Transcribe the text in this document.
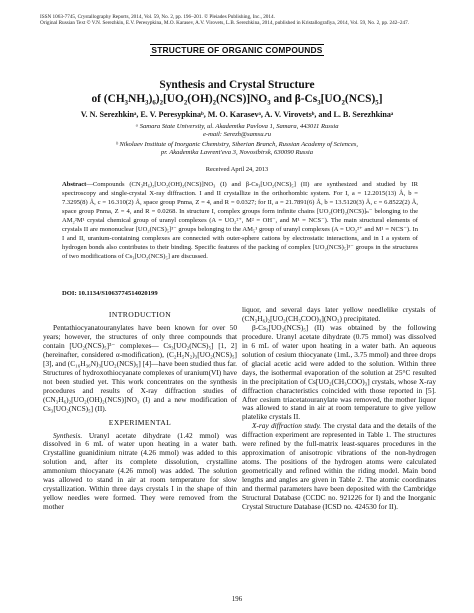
ISSN 1063-7745, Crystallography Reports, 2014, Vol. 59, No. 2, pp. 196–201. © Pleiades Publishing, Inc., 2014.
Original Russian Text © V.N. Serezhkin, E.V. Peresypkina, M.O. Karasev, A.V. Virovets, L.B. Serezhkina, 2014, published in Kristallografiya, 2014, Vol. 59, No. 2, pp. 242–247.
STRUCTURE OF ORGANIC COMPOUNDS
Synthesis and Crystal Structure
of (CH₃NH₃)₆)₂[UO₂(OH)₂(NCS)]NO₃ and β-Cs₃[UO₂(NCS)₅]
V. N. Serezhkinᵃ, E. V. Peresypkinaᵇ, M. O. Karasevᵃ, A. V. Virovetsᵇ, and L. B. Serezhkinaᵃ
ᵃ Samara State University, ul. Akademika Pavlova 1, Samara, 443011 Russia
e-mail: Serezh@samsu.ru
ᵇ Nikolaev Institute of Inorganic Chemistry, Siberian Branch, Russian Academy of Sciences,
pr. Akademika Lavrent'eva 3, Novosibirsk, 630090 Russia
Received April 24, 2013
Abstract—Compounds (CN₃H₆)₂[UO₂(OH)₂(NCS)]NO₃ (I) and β-Cs₃[UO₂(NCS)₅] (II) are synthesized and studied by IR spectroscopy and single-crystal X-ray diffraction. I and II crystallize in the orthorhombic system. For I, a = 12.2015(13) Å, b = 7.3295(8) Å, c = 16.310(2) Å, space group Pnma, Z = 4, and R = 0.0327; for II, a = 21.7891(6) Å, b = 13.5120(3) Å, c = 6.8522(2) Å, space group Pnma, Z = 4, and R = 0.0268. In structure I, complex groups form infinite chains [UO₂(OH)₂(NCS)]ₙ⁻ belonging to the AM₂²M¹ crystal chemical group of uranyl complexes (A = UO₂²⁺, M² = OH⁻, and M¹ = NCS⁻). The main structural elements of crystals II are mononuclear [UO₂(NCS)₅]³⁻ groups belonging to the AM₅¹ group of uranyl complexes (A = UO₂²⁺ and M¹ = NCS⁻). In I and II, uranium-containing complexes are connected with outer-sphere cations by electrostatic interactions, and in I a system of hydrogen bonds also contributes to their binding. Specific features of the packing of complex [UO₂(NCS)₅]³⁻ groups in the structures of two modifications of Cs₃[UO₂(NCS)₅] are discussed.
DOI: 10.1134/S1063774514020199
INTRODUCTION

Pentathiocyanatouranylates have been known for over 50 years; however, the structures of only three compounds that contain [UO₂(NCS)₅]³⁻ complexes— Cs₃[UO₂(NCS)₅] [1, 2] (hereinafter, considered α-modification), (C₂H₅N₂)₃[UO₂(NCS)₅] [3], and (C₁₆H₃₆N)₃[UO₂(NCS)₅] [4]—have been studied thus far. Structures of hydroxothiocyanate complexes of uranium(VI) have not been studied yet. This work concentrates on the synthesis procedures and results of X-ray diffraction studies of (CN₃H₆)₂[UO₂(OH)₂(NCS)]NO₃ (I) and a new modification of Cs₃[UO₂(NCS)₅] (II).

EXPERIMENTAL

Synthesis. Uranyl acetate dihydrate (1.42 mmol) was dissolved in 6 mL of water upon heating in a water bath. Crystalline guanidinium nitrate (4.26 mmol) was added to this solution and, after its complete dissolution, crystalline ammonium thiocyanate (4.26 mmol) was added. The solution was allowed to stand in air at room temperature for slow crystallization. Within three days crystals I in the shape of thin yellow needles were formed. They were removed from the mother

liquor, and several days later yellow needlelike crystals of (CN₃H₆)₂[UO₂(CH₃COO)₃](NO₃) precipitated.

β-Cs₃[UO₂(NCS)₅] (II) was obtained by the following procedure. Uranyl acetate dihydrate (0.75 mmol) was dissolved in 6 mL of water upon heating in a water bath. An aqueous solution of cesium thiocyanate (1mL, 3.75 mmol) and three drops of glacial acetic acid were added to the solution. Within three days, the isothermal evaporation of the solution at 25°C resulted in the precipitation of Cs[UO₂(CH₃COO)₃] crystals, whose X-ray diffraction characteristics coincided with those reported in [5]. After cesium triacetatouranylate was removed, the mother liquor was allowed to stand in air at room temperature to give yellow platelike crystals II.

X-ray diffraction study. The crystal data and the details of the diffraction experiment are represented in Table 1. The structures were refined by the full-matrix least-squares procedures in the approximation of anisotropic vibrations of the non-hydrogen atoms. The positions of the hydrogen atoms were calculated geometrically and refined within the riding model. Main bond lengths and angles are given in Table 2. The atomic coordinates and thermal parameters have been deposited with the Cambridge Structural Database (CCDC no. 921226 for I) and the Inorganic Crystal Structure Database (ICSD no. 424530 for II).

196
